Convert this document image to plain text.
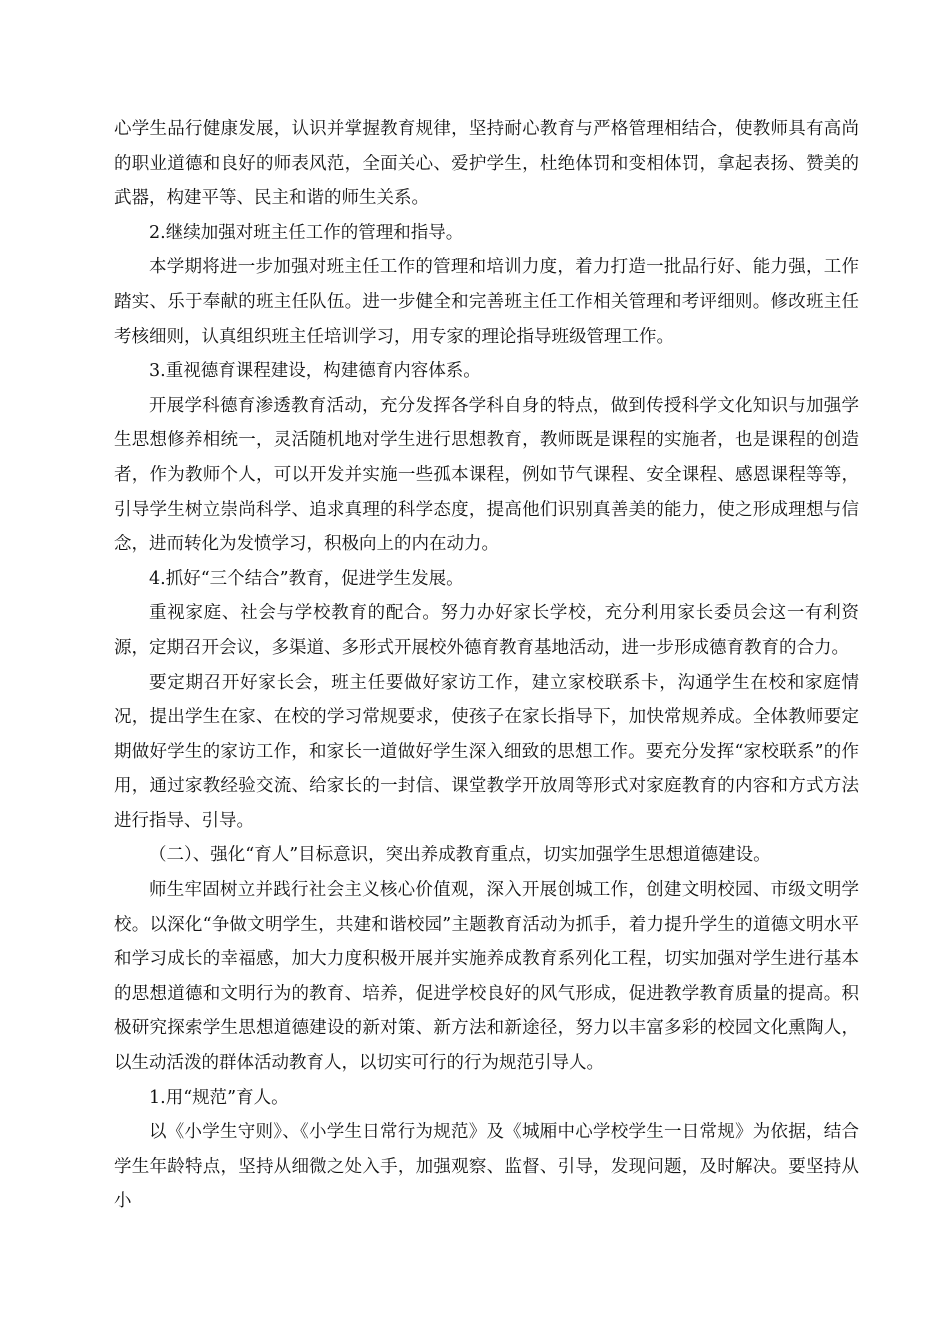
心学生品行健康发展，认识并掌握教育规律，坚持耐心教育与严格管理相结合，使教师具有高尚的职业道德和良好的师表风范，全面关心、爱护学生，杜绝体罚和变相体罚，拿起表扬、赞美的武器，构建平等、民主和谐的师生关系。

2.继续加强对班主任工作的管理和指导。

本学期将进一步加强对班主任工作的管理和培训力度，着力打造一批品行好、能力强，工作踏实、乐于奉献的班主任队伍。进一步健全和完善班主任工作相关管理和考评细则。修改班主任考核细则，认真组织班主任培训学习，用专家的理论指导班级管理工作。

3.重视德育课程建设，构建德育内容体系。

开展学科德育渗透教育活动，充分发挥各学科自身的特点，做到传授科学文化知识与加强学生思想修养相统一，灵活随机地对学生进行思想教育，教师既是课程的实施者，也是课程的创造者，作为教师个人，可以开发并实施一些孤本课程，例如节气课程、安全课程、感恩课程等等，引导学生树立崇尚科学、追求真理的科学态度，提高他们识别真善美的能力，使之形成理想与信念，进而转化为发愤学习，积极向上的内在动力。

4.抓好“三个结合”教育，促进学生发展。

重视家庭、社会与学校教育的配合。努力办好家长学校，充分利用家长委员会这一有利资源，定期召开会议，多渠道、多形式开展校外德育教育基地活动，进一步形成德育教育的合力。

要定期召开好家长会，班主任要做好家访工作，建立家校联系卡，沟通学生在校和家庭情况，提出学生在家、在校的学习常规要求，使孩子在家长指导下，加快常规养成。全体教师要定期做好学生的家访工作，和家长一道做好学生深入细致的思想工作。要充分发挥“家校联系”的作用，通过家教经验交流、给家长的一封信、课堂教学开放周等形式对家庭教育的内容和方式方法进行指导、引导。

（二）、强化“育人”目标意识，突出养成教育重点，切实加强学生思想道德建设。

师生牢固树立并践行社会主义核心价值观，深入开展创城工作，创建文明校园、市级文明学校。以深化“争做文明学生，共建和谐校园”主题教育活动为抓手，着力提升学生的道德文明水平和学习成长的幸福感，加大力度积极开展并实施养成教育系列化工程，切实加强对学生进行基本的思想道德和文明行为的教育、培养，促进学校良好的风气形成，促进教学教育质量的提高。积极研究探索学生思想道德建设的新对策、新方法和新途径，努力以丰富多彩的校园文化熏陶人，以生动活泼的群体活动教育人，以切实可行的行为规范引导人。

1.用“规范”育人。

以《小学生守则》、《小学生日常行为规范》及《城厢中心学校学生一日常规》为依据，结合学生年龄特点，坚持从细微之处入手，加强观察、监督、引导，发现问题，及时解决。要坚持从小
